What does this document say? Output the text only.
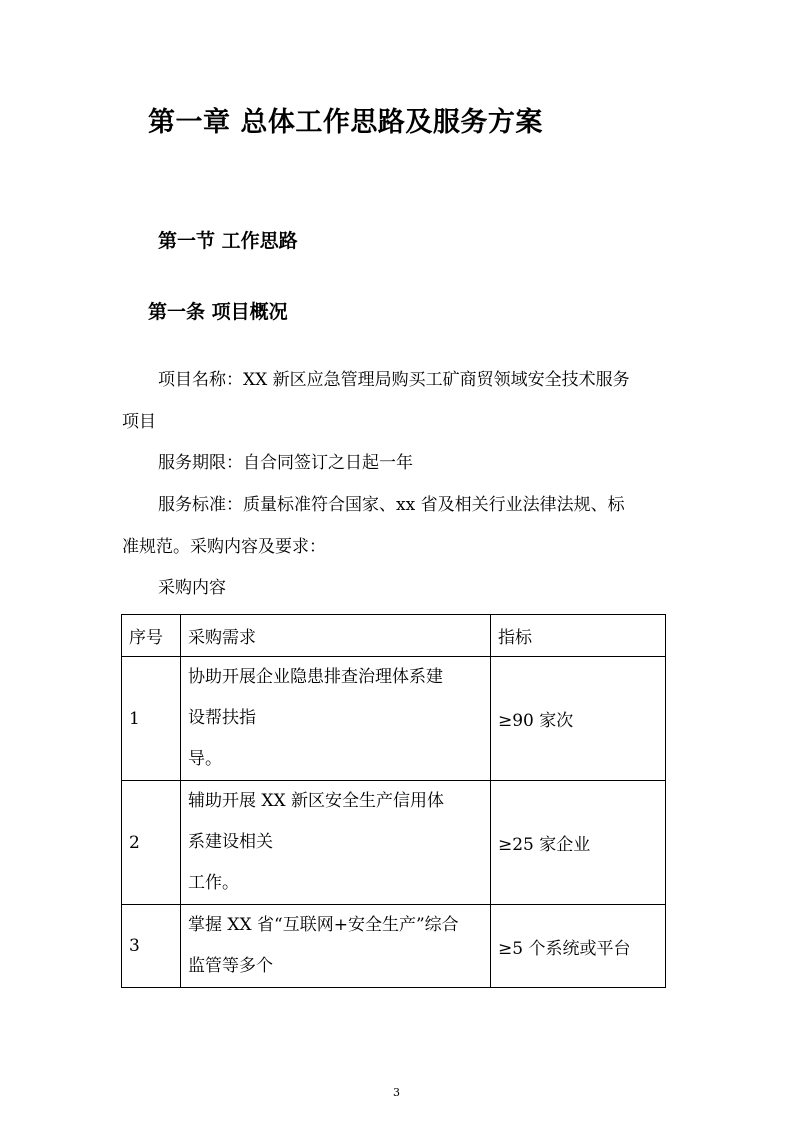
第一章 总体工作思路及服务方案
第一节 工作思路
第一条 项目概况
项目名称：XX 新区应急管理局购买工矿商贸领域安全技术服务
项目
服务期限：自合同签订之日起一年
服务标准：质量标准符合国家、xx 省及相关行业法律法规、标
准规范。采购内容及要求：
采购内容
序号	采购需求	指标
1	协助开展企业隐患排查治理体系建
设帮扶指
导。	≥90 家次
2	辅助开展 XX 新区安全生产信用体
系建设相关
工作。	≥25 家企业
3	掌握 XX 省“互联网+安全生产”综合
监管等多个	≥5 个系统或平台
3
